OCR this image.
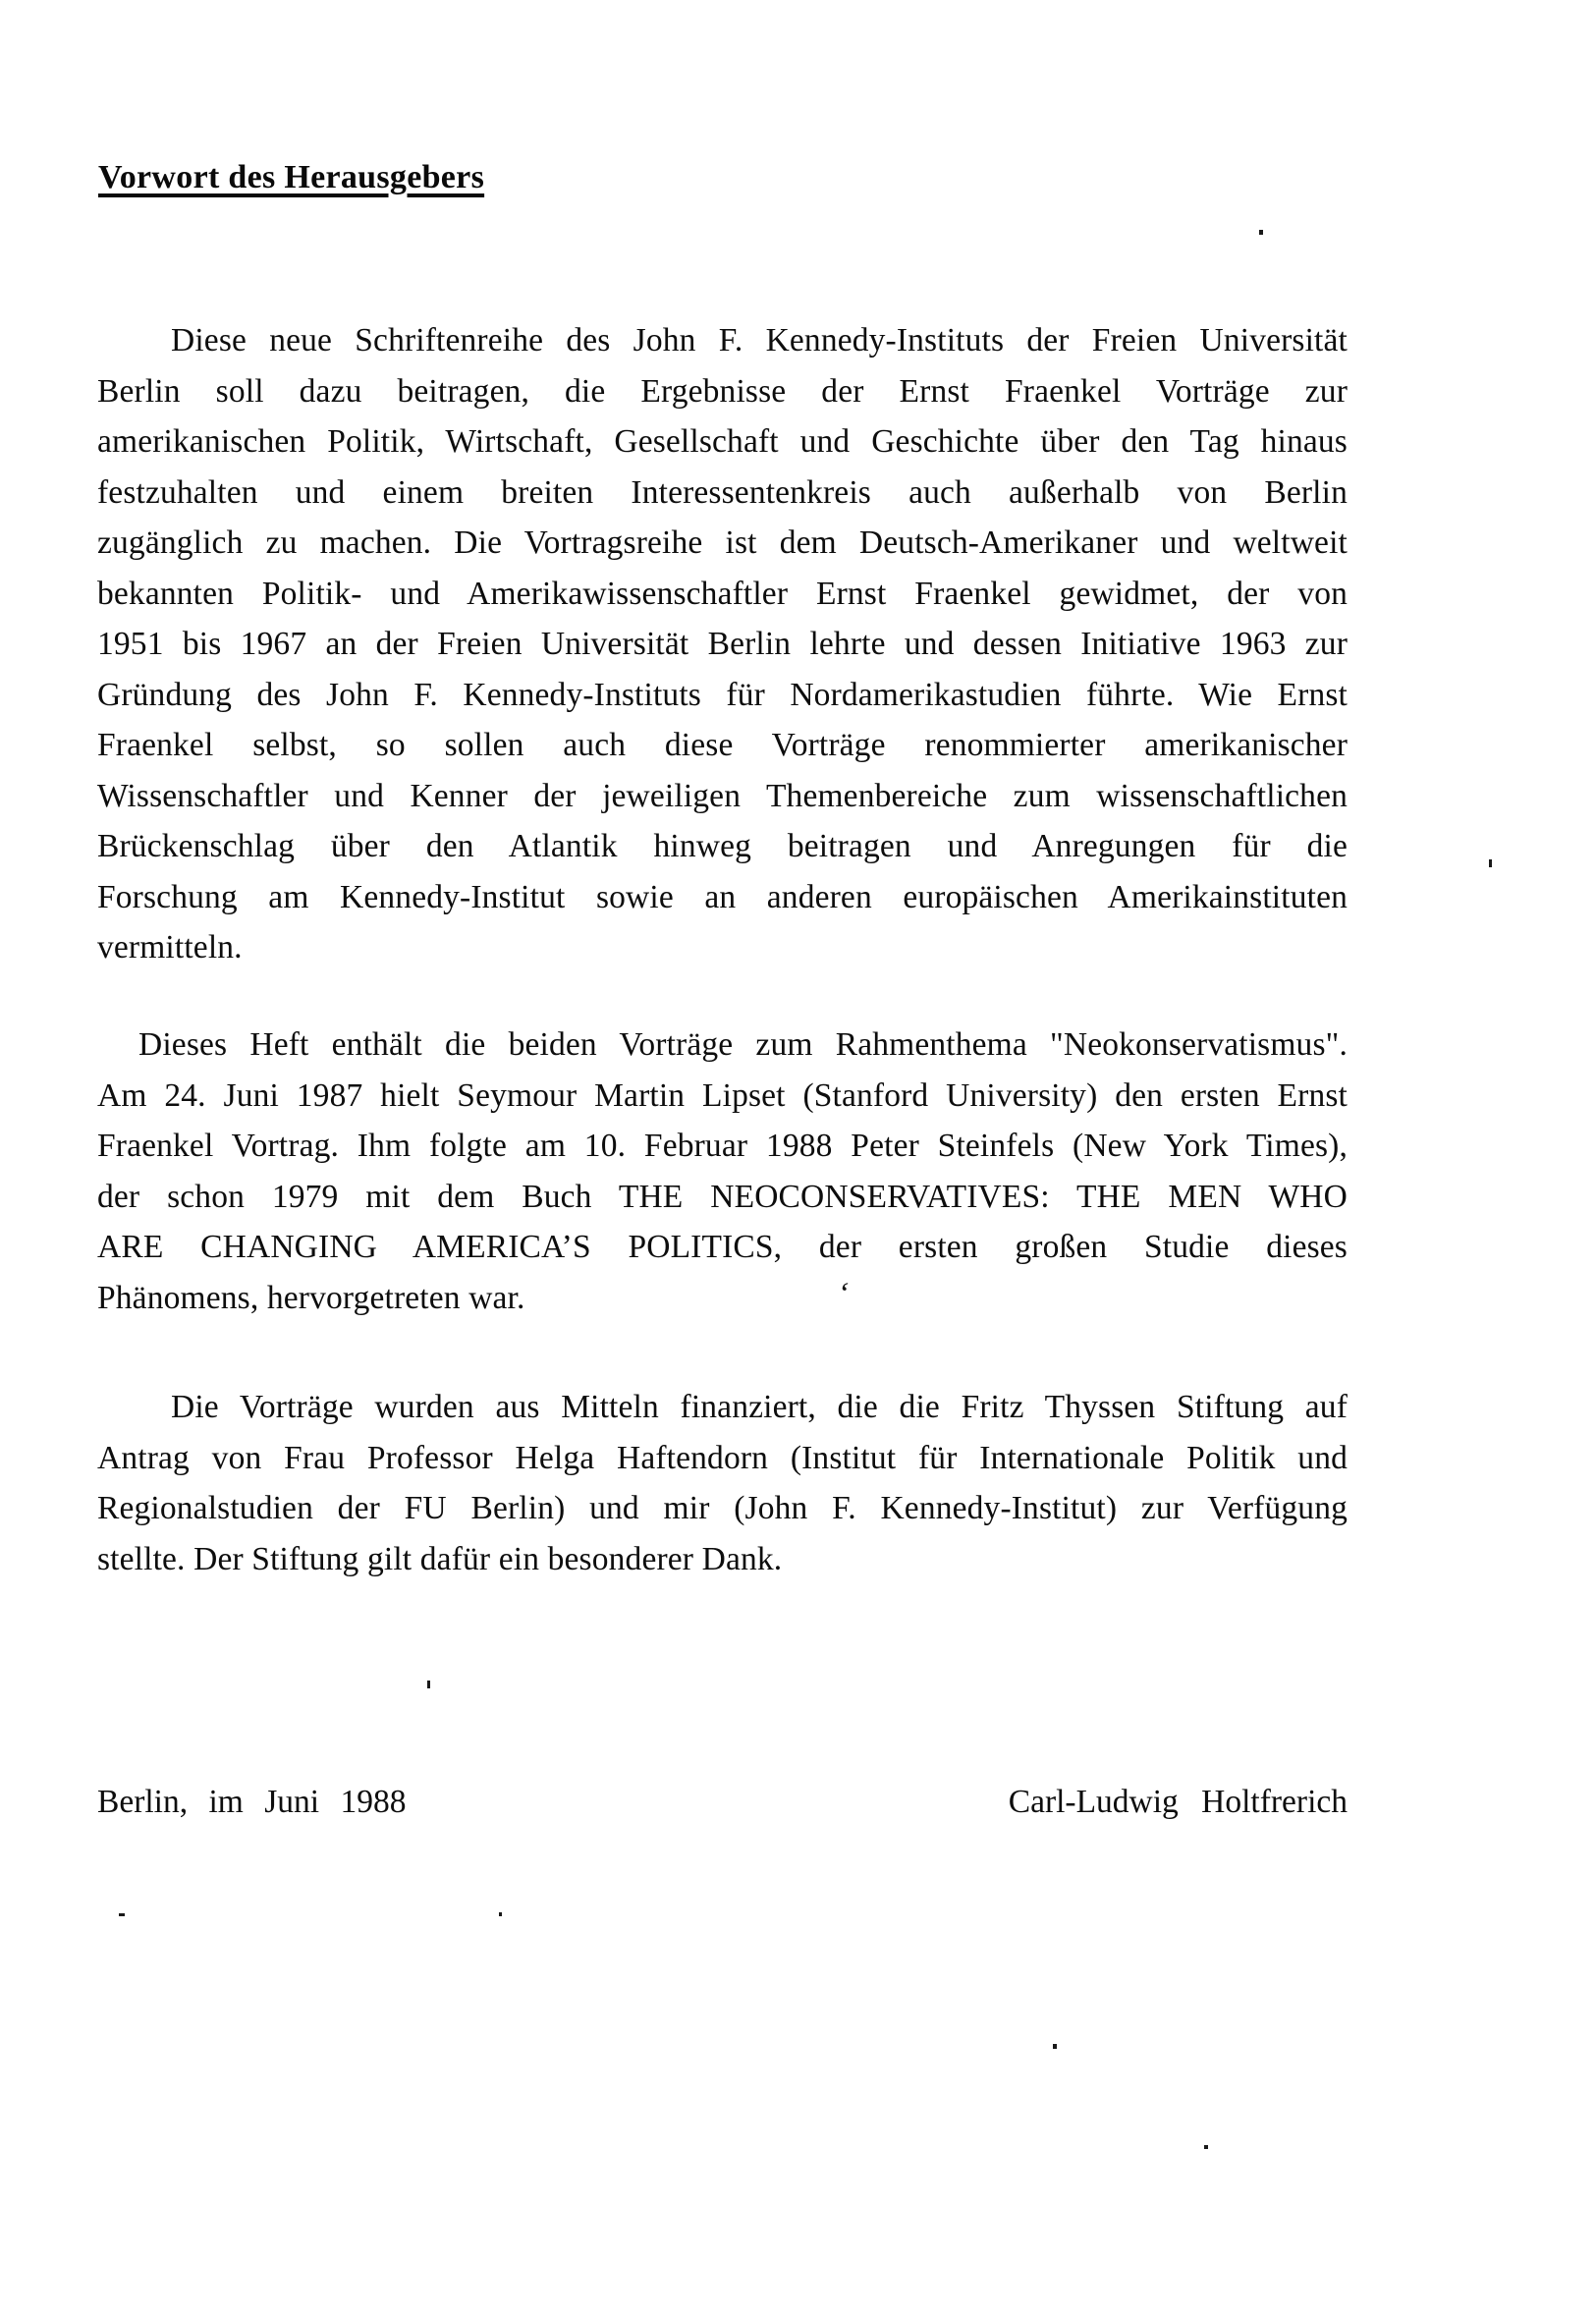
Vorwort des Herausgebers
Diese neue Schriftenreihe des John F. Kennedy-Instituts der Freien Universität
Berlin soll dazu beitragen, die Ergebnisse der Ernst Fraenkel Vorträge zur
amerikanischen Politik, Wirtschaft, Gesellschaft und Geschichte über den Tag hinaus
festzuhalten und einem breiten Interessentenkreis auch außerhalb von Berlin
zugänglich zu machen. Die Vortragsreihe ist dem Deutsch-Amerikaner und weltweit
bekannten Politik- und Amerikawissenschaftler Ernst Fraenkel gewidmet, der von
1951 bis 1967 an der Freien Universität Berlin lehrte und dessen Initiative 1963 zur
Gründung des John F. Kennedy-Instituts für Nordamerikastudien führte. Wie Ernst
Fraenkel selbst, so sollen auch diese Vorträge renommierter amerikanischer
Wissenschaftler und Kenner der jeweiligen Themenbereiche zum wissenschaftlichen
Brückenschlag über den Atlantik hinweg beitragen und Anregungen für die
Forschung am Kennedy-Institut sowie an anderen europäischen Amerikainstituten
vermitteln.
Dieses Heft enthält die beiden Vorträge zum Rahmenthema "Neokonservatismus".
Am 24. Juni 1987 hielt Seymour Martin Lipset (Stanford University) den ersten Ernst
Fraenkel Vortrag. Ihm folgte am 10. Februar 1988 Peter Steinfels (New York Times),
der schon 1979 mit dem Buch THE NEOCONSERVATIVES: THE MEN WHO
ARE CHANGING AMERICA’S POLITICS, der ersten großen Studie dieses
Phänomens, hervorgetreten war.	‘
Die Vorträge wurden aus Mitteln finanziert, die die Fritz Thyssen Stiftung auf
Antrag von Frau Professor Helga Haftendorn (Institut für Internationale Politik und
Regionalstudien der FU Berlin) und mir (John F. Kennedy-Institut) zur Verfügung
stellte. Der Stiftung gilt dafür ein besonderer Dank.
Berlin, im Juni 1988	Carl-Ludwig Holtfrerich
